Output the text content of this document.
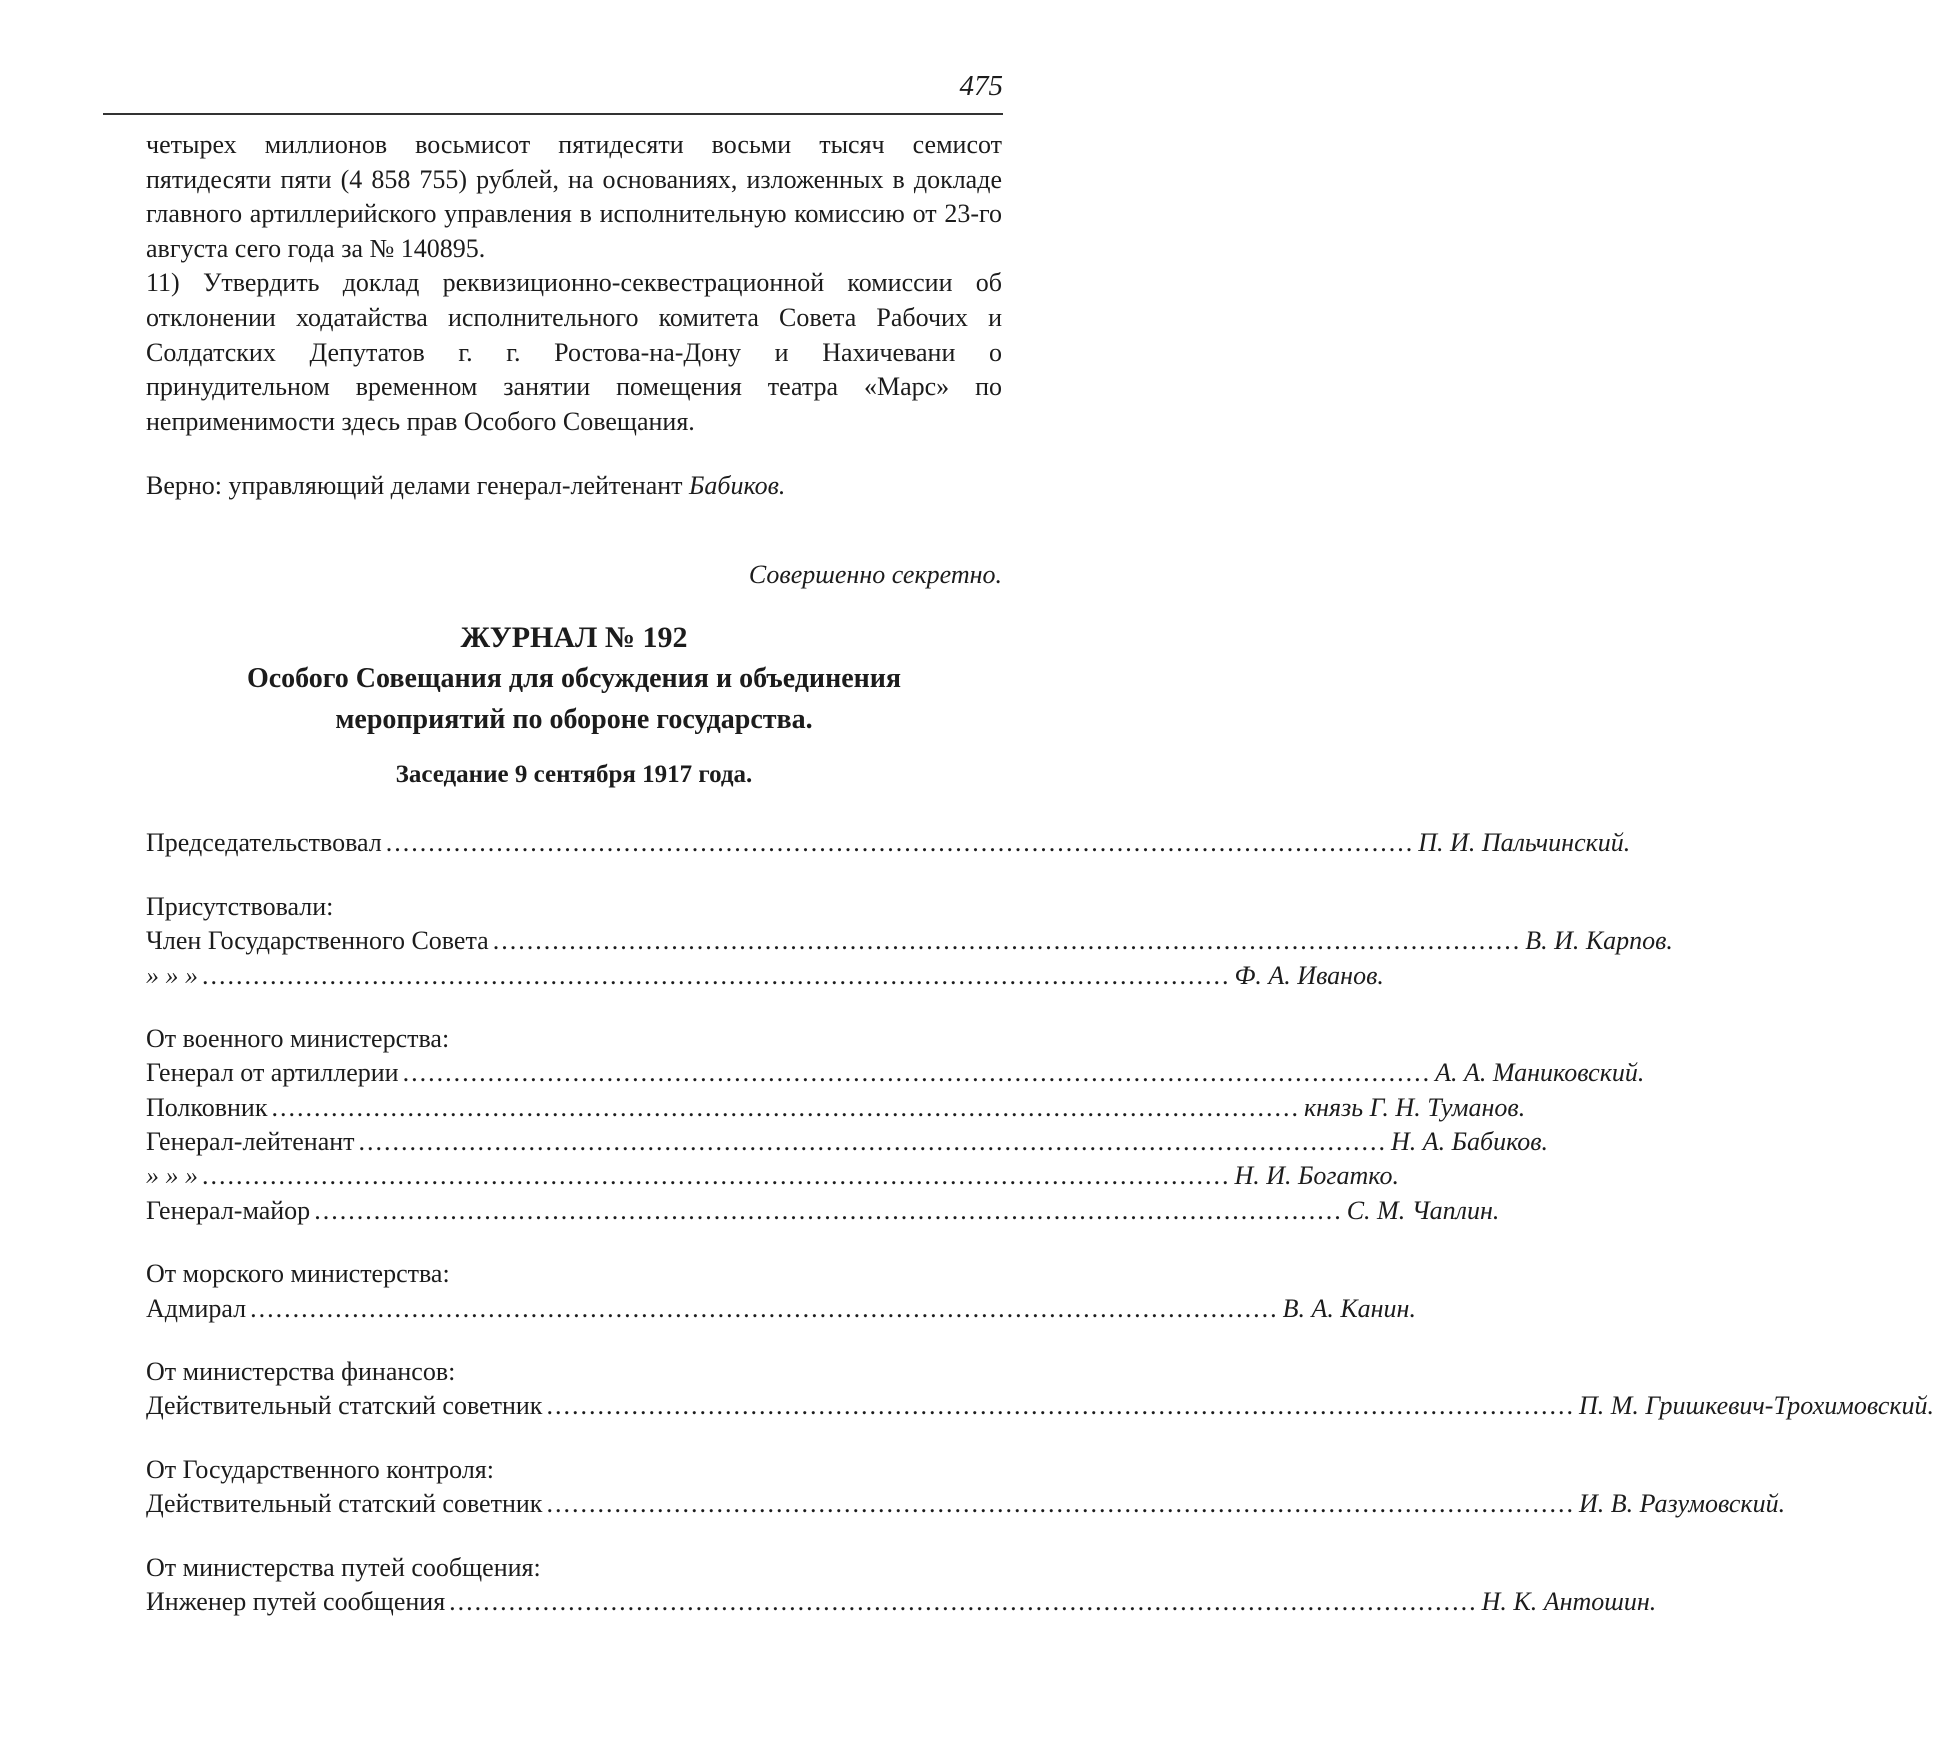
475

четырех миллионов восьмисот пятидесяти восьми тысяч семисот пятидесяти пяти (4 858 755) рублей, на основаниях, изложенных в докладе главного артиллерийского управления в исполнительную комиссию от 23-го августа сего года за № 140895.

11) Утвердить доклад реквизиционно-секвестрационной комиссии об отклонении ходатайства исполнительного комитета Совета Рабочих и Солдатских Депутатов г. г. Ростова-на-Дону и Нахичевани о принудительном временном занятии помещения театра «Марс» по неприменимости здесь прав Особого Совещания.

Верно: управляющий делами генерал-лейтенант Бабиков.

Совершенно секретно.

ЖУРНАЛ № 192

Особого Совещания для обсуждения и объединения

мероприятий по обороне государства.

Заседание 9 сентября 1917 года.

Председательствовал ......................................................................................................................... П. И. Пальчинский.
Присутствовали:
Член Государственного Совета ......................................................................................................................... В. И. Карпов.
» » » ......................................................................................................................... Ф. А. Иванов.
От военного министерства:
Генерал от артиллерии ......................................................................................................................... А. А. Маниковский.
Полковник ......................................................................................................................... князь Г. Н. Туманов.
Генерал-лейтенант ......................................................................................................................... Н. А. Бабиков.
» » » ......................................................................................................................... Н. И. Богатко.
Генерал-майор ......................................................................................................................... С. М. Чаплин.
От морского министерства:
Адмирал ......................................................................................................................... В. А. Канин.
От министерства финансов:
Действительный статский советник ......................................................................................................................... П. М. Гришкевич-Трохимовский.
От Государственного контроля:
Действительный статский советник ......................................................................................................................... И. В. Разумовский.
От министерства путей сообщения:
Инженер путей сообщения ......................................................................................................................... Н. К. Антошин.
